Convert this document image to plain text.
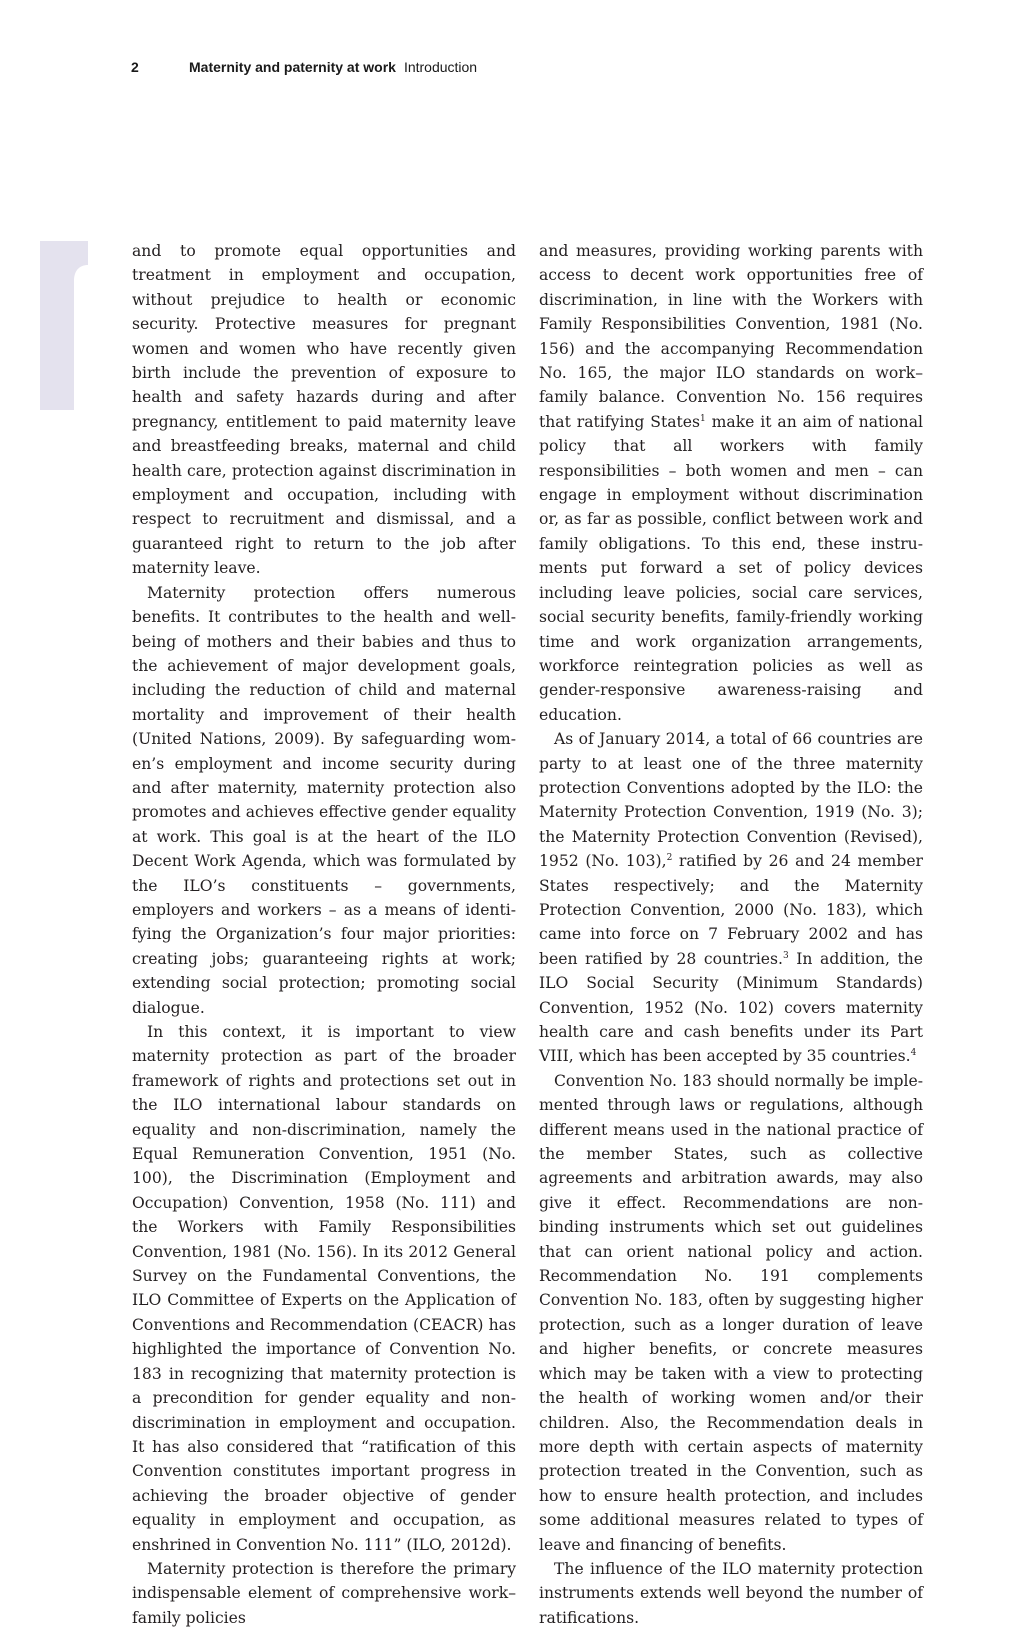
2	Maternity and paternity at work Introduction

and to promote equal opportunities and treatment in employment and occupation, without prejudice to health or economic security. Protective measures for pregnant women and women who have recently given birth include the prevention of exposure to health and safety hazards during and after pregnancy, entitlement to paid maternity leave and breastfeeding breaks, maternal and child health care, protection against discrimination in employment and occupation, including with respect to recruitment and dismissal, and a guaranteed right to return to the job after maternity leave.

Maternity protection offers numerous benefits. It contributes to the health and well-being of mothers and their babies and thus to the achievement of major development goals, including the reduction of child and maternal mortality and improvement of their health (United Nations, 2009). By safeguarding women’s employment and income security during and after maternity, maternity protection also promotes and achieves effective gender equality at work. This goal is at the heart of the ILO Decent Work Agenda, which was formulated by the ILO’s constituents – governments, employers and workers – as a means of identifying the Organization’s four major priorities: creating jobs; guaranteeing rights at work; extending social protection; promoting social dialogue.

In this context, it is important to view maternity protection as part of the broader framework of rights and protections set out in the ILO international labour standards on equality and non-discrimination, namely the Equal Remuneration Convention, 1951 (No. 100), the Discrimination (Employment and Occupation) Convention, 1958 (No. 111) and the Workers with Family Responsibilities Convention, 1981 (No. 156). In its 2012 General Survey on the Fundamental Conventions, the ILO Committee of Experts on the Application of Conventions and Recommendation (CEACR) has highlighted the importance of Convention No. 183 in recognizing that maternity protection is a precondition for gender equality and non-discrimination in employment and occupation. It has also considered that “ratification of this Convention constitutes important progress in achieving the broader objective of gender equality in employment and occupation, as enshrined in Convention No. 111” (ILO, 2012d).

Maternity protection is therefore the primary indispensable element of comprehensive work–family policies

and measures, providing working parents with access to decent work opportunities free of discrimination, in line with the Workers with Family Responsibilities Convention, 1981 (No. 156) and the accompanying Recommendation No. 165, the major ILO standards on work–family balance. Convention No. 156 requires that ratifying States$^1$ make it an aim of national policy that all workers with family responsibilities – both women and men – can engage in employment without discrimination or, as far as possible, conflict between work and family obligations. To this end, these instruments put forward a set of policy devices including leave policies, social care services, social security benefits, family-friendly working time and work organization arrangements, workforce reintegration policies as well as gender-responsive awareness-raising and education.

As of January 2014, a total of 66 countries are party to at least one of the three maternity protection Conventions adopted by the ILO: the Maternity Protection Convention, 1919 (No. 3); the Maternity Protection Convention (Revised), 1952 (No. 103),$^2$ ratified by 26 and 24 member States respectively; and the Maternity Protection Convention, 2000 (No. 183), which came into force on 7 February 2002 and has been ratified by 28 countries.$^3$ In addition, the ILO Social Security (Minimum Standards) Convention, 1952 (No. 102) covers maternity health care and cash benefits under its Part VIII, which has been accepted by 35 countries.$^4$

Convention No. 183 should normally be implemented through laws or regulations, although different means used in the national practice of the member States, such as collective agreements and arbitration awards, may also give it effect. Recommendations are non-binding instruments which set out guidelines that can orient national policy and action. Recommendation No. 191 complements Convention No. 183, often by suggesting higher protection, such as a longer duration of leave and higher benefits, or concrete measures which may be taken with a view to protecting the health of working women and/or their children. Also, the Recommendation deals in more depth with certain aspects of maternity protection treated in the Convention, such as how to ensure health protection, and includes some additional measures related to types of leave and financing of benefits.

The influence of the ILO maternity protection instruments extends well beyond the number of ratifications.
